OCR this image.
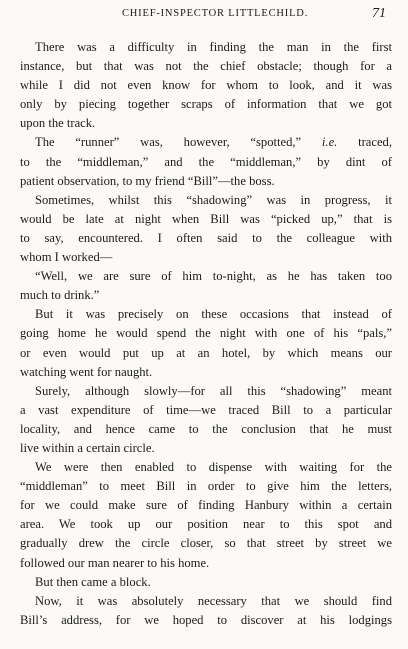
CHIEF-INSPECTOR LITTLECHILD.	71
There was a difficulty in finding the man in the first
instance, but that was not the chief obstacle; though for a
while I did not even know for whom to look, and it was
only by piecing together scraps of information that we got
upon the track.
The “runner” was, however, “spotted,” i.e. traced,
to the “middleman,” and the “middleman,” by dint of
patient observation, to my friend “Bill”—the boss.
Sometimes, whilst this “shadowing” was in progress, it
would be late at night when Bill was “picked up,” that is
to say, encountered. I often said to the colleague with
whom I worked—
“Well, we are sure of him to-night, as he has taken too
much to drink.”
But it was precisely on these occasions that instead of
going home he would spend the night with one of his “pals,”
or even would put up at an hotel, by which means our
watching went for naught.
Surely, although slowly—for all this “shadowing” meant
a vast expenditure of time—we traced Bill to a particular
locality, and hence came to the conclusion that he must
live within a certain circle.
We were then enabled to dispense with waiting for the
“middleman” to meet Bill in order to give him the letters,
for we could make sure of finding Hanbury within a certain
area. We took up our position near to this spot and
gradually drew the circle closer, so that street by street we
followed our man nearer to his home.
But then came a block.
Now, it was absolutely necessary that we should find
Bill’s address, for we hoped to discover at his lodgings
